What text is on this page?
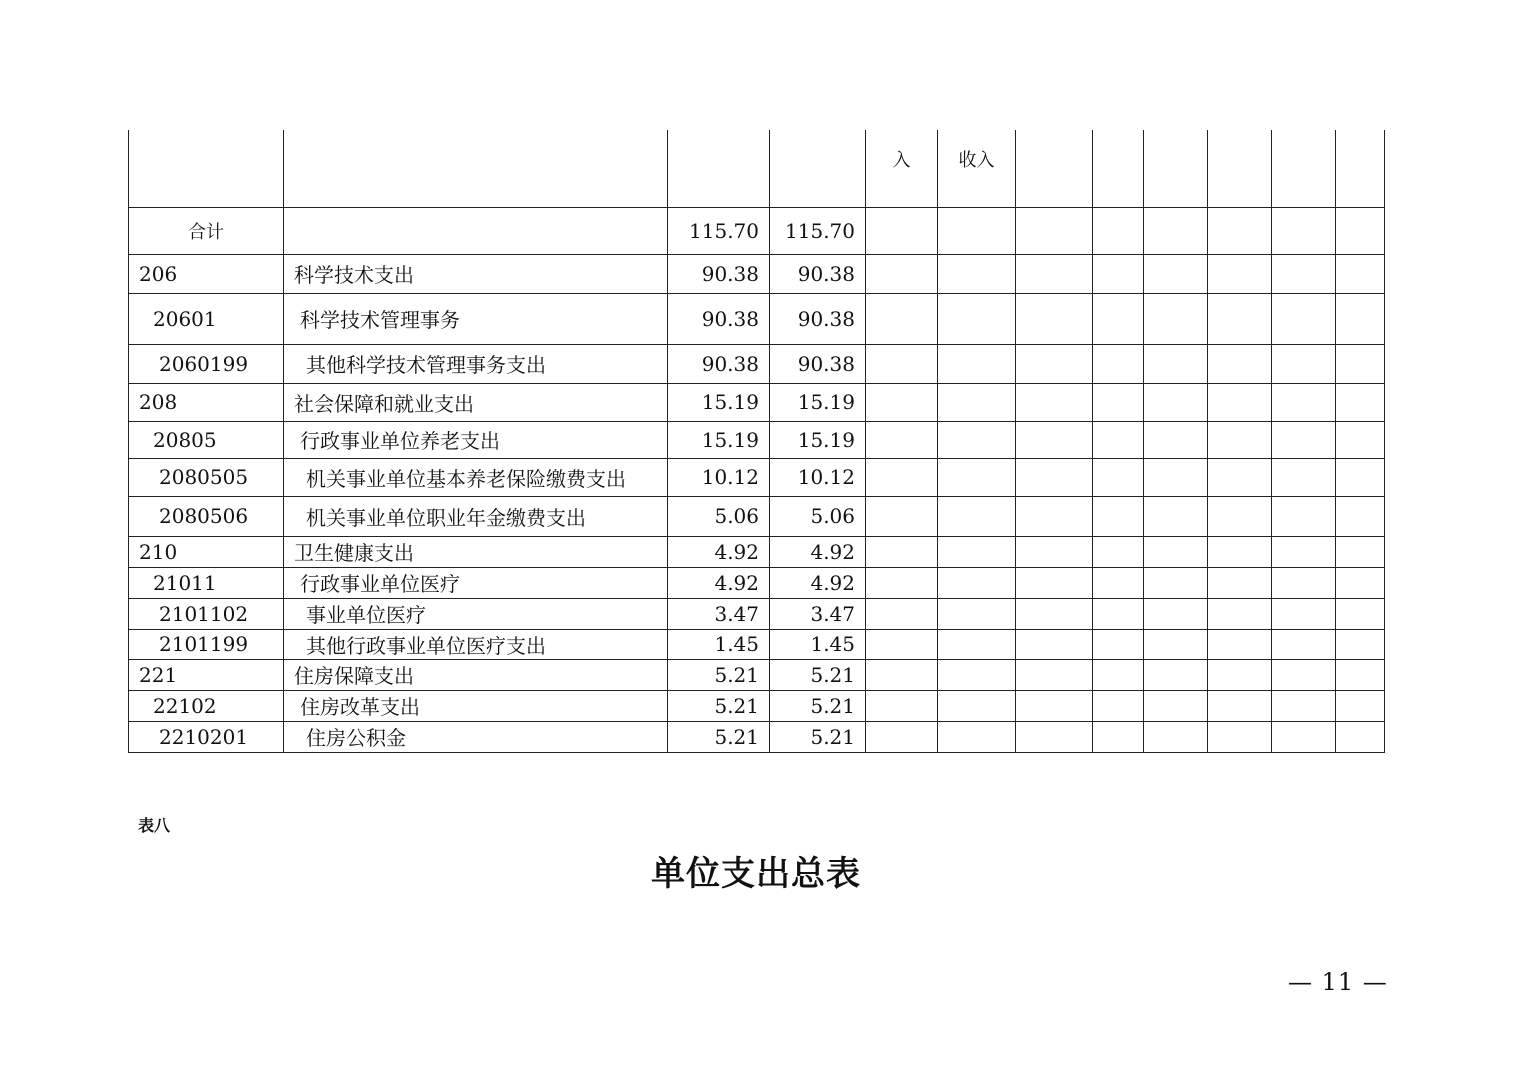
				入	收入						
合计		115.70	115.70								
206	科学技术支出	90.38	90.38								
20601	科学技术管理事务	90.38	90.38								
2060199	其他科学技术管理事务支出	90.38	90.38								
208	社会保障和就业支出	15.19	15.19								
20805	行政事业单位养老支出	15.19	15.19								
2080505	机关事业单位基本养老保险缴费支出	10.12	10.12								
2080506	机关事业单位职业年金缴费支出	5.06	5.06								
210	卫生健康支出	4.92	4.92								
21011	行政事业单位医疗	4.92	4.92								
2101102	事业单位医疗	3.47	3.47								
2101199	其他行政事业单位医疗支出	1.45	1.45								
221	住房保障支出	5.21	5.21								
22102	住房改革支出	5.21	5.21								
2210201	住房公积金	5.21	5.21								
表八
单位支出总表
— 11 —
